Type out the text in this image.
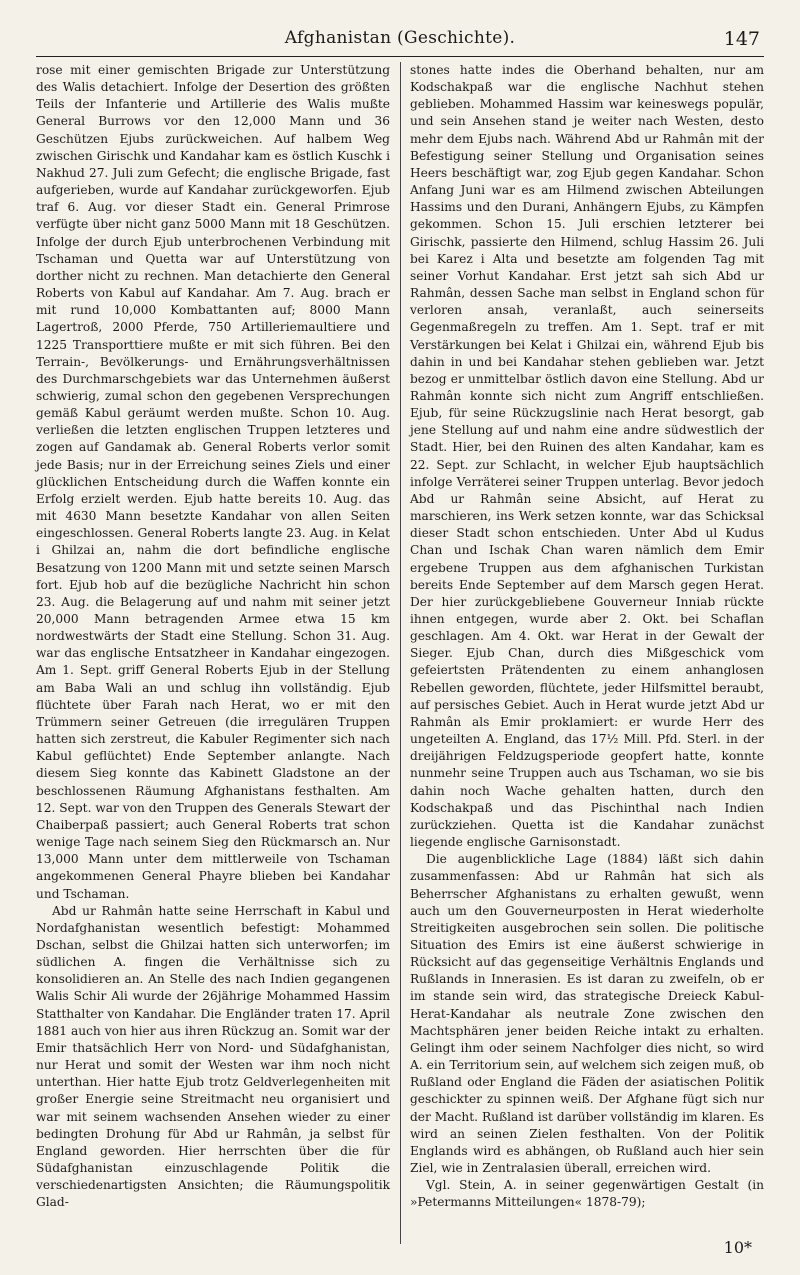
Afghanistan (Geschichte).	147

rose mit einer gemischten Brigade zur Unterstützung des Walis detachiert. Infolge der Desertion des größten Teils der Infanterie und Artillerie des Walis mußte General Burrows vor den 12,000 Mann und 36 Geschützen Ejubs zurückweichen. Auf halbem Weg zwischen Girischk und Kandahar kam es östlich Kuschk i Nakhud 27. Juli zum Gefecht; die englische Brigade, fast aufgerieben, wurde auf Kandahar zurückgeworfen. Ejub traf 6. Aug. vor dieser Stadt ein. General Primrose verfügte über nicht ganz 5000 Mann mit 18 Geschützen. Infolge der durch Ejub unterbrochenen Verbindung mit Tschaman und Quetta war auf Unterstützung von dorther nicht zu rechnen. Man detachierte den General Roberts von Kabul auf Kandahar. Am 7. Aug. brach er mit rund 10,000 Kombattanten auf; 8000 Mann Lagertroß, 2000 Pferde, 750 Artilleriemaultiere und 1225 Transporttiere mußte er mit sich führen. Bei den Terrain-, Bevölkerungs- und Ernährungsverhältnissen des Durchmarschgebiets war das Unternehmen äußerst schwierig, zumal schon den gegebenen Versprechungen gemäß Kabul geräumt werden mußte. Schon 10. Aug. verließen die letzten englischen Truppen letzteres und zogen auf Gandamak ab. General Roberts verlor somit jede Basis; nur in der Erreichung seines Ziels und einer glücklichen Entscheidung durch die Waffen konnte ein Erfolg erzielt werden. Ejub hatte bereits 10. Aug. das mit 4630 Mann besetzte Kandahar von allen Seiten eingeschlossen. General Roberts langte 23. Aug. in Kelat i Ghilzai an, nahm die dort befindliche englische Besatzung von 1200 Mann mit und setzte seinen Marsch fort. Ejub hob auf die bezügliche Nachricht hin schon 23. Aug. die Belagerung auf und nahm mit seiner jetzt 20,000 Mann betragenden Armee etwa 15 km nordwestwärts der Stadt eine Stellung. Schon 31. Aug. war das englische Entsatzheer in Kandahar eingezogen. Am 1. Sept. griff General Roberts Ejub in der Stellung am Baba Wali an und schlug ihn vollständig. Ejub flüchtete über Farah nach Herat, wo er mit den Trümmern seiner Getreuen (die irregulären Truppen hatten sich zerstreut, die Kabuler Regimenter sich nach Kabul geflüchtet) Ende September anlangte. Nach diesem Sieg konnte das Kabinett Gladstone an der beschlossenen Räumung Afghanistans festhalten. Am 12. Sept. war von den Truppen des Generals Stewart der Chaiberpaß passiert; auch General Roberts trat schon wenige Tage nach seinem Sieg den Rückmarsch an. Nur 13,000 Mann unter dem mittlerweile von Tschaman angekommenen General Phayre blieben bei Kandahar und Tschaman.

Abd ur Rahmân hatte seine Herrschaft in Kabul und Nordafghanistan wesentlich befestigt: Mohammed Dschan, selbst die Ghilzai hatten sich unterworfen; im südlichen A. fingen die Verhältnisse sich zu konsolidieren an. An Stelle des nach Indien gegangenen Walis Schir Ali wurde der 26jährige Mohammed Hassim Statthalter von Kandahar. Die Engländer traten 17. April 1881 auch von hier aus ihren Rückzug an. Somit war der Emir thatsächlich Herr von Nord- und Südafghanistan, nur Herat und somit der Westen war ihm noch nicht unterthan. Hier hatte Ejub trotz Geldverlegenheiten mit großer Energie seine Streitmacht neu organisiert und war mit seinem wachsenden Ansehen wieder zu einer bedingten Drohung für Abd ur Rahmân, ja selbst für England geworden. Hier herrschten über die für Südafghanistan einzuschlagende Politik die verschiedenartigsten Ansichten; die Räumungspolitik Glad-

stones hatte indes die Oberhand behalten, nur am Kodschakpaß war die englische Nachhut stehen geblieben. Mohammed Hassim war keineswegs populär, und sein Ansehen stand je weiter nach Westen, desto mehr dem Ejubs nach. Während Abd ur Rahmân mit der Befestigung seiner Stellung und Organisation seines Heers beschäftigt war, zog Ejub gegen Kandahar. Schon Anfang Juni war es am Hilmend zwischen Abteilungen Hassims und den Durani, Anhängern Ejubs, zu Kämpfen gekommen. Schon 15. Juli erschien letzterer bei Girischk, passierte den Hilmend, schlug Hassim 26. Juli bei Karez i Alta und besetzte am folgenden Tag mit seiner Vorhut Kandahar. Erst jetzt sah sich Abd ur Rahmân, dessen Sache man selbst in England schon für verloren ansah, veranlaßt, auch seinerseits Gegenmaßregeln zu treffen. Am 1. Sept. traf er mit Verstärkungen bei Kelat i Ghilzai ein, während Ejub bis dahin in und bei Kandahar stehen geblieben war. Jetzt bezog er unmittelbar östlich davon eine Stellung. Abd ur Rahmân konnte sich nicht zum Angriff entschließen. Ejub, für seine Rückzugslinie nach Herat besorgt, gab jene Stellung auf und nahm eine andre südwestlich der Stadt. Hier, bei den Ruinen des alten Kandahar, kam es 22. Sept. zur Schlacht, in welcher Ejub hauptsächlich infolge Verräterei seiner Truppen unterlag. Bevor jedoch Abd ur Rahmân seine Absicht, auf Herat zu marschieren, ins Werk setzen konnte, war das Schicksal dieser Stadt schon entschieden. Unter Abd ul Kudus Chan und Ischak Chan waren nämlich dem Emir ergebene Truppen aus dem afghanischen Turkistan bereits Ende September auf dem Marsch gegen Herat. Der hier zurückgebliebene Gouverneur Inniab rückte ihnen entgegen, wurde aber 2. Okt. bei Schaflan geschlagen. Am 4. Okt. war Herat in der Gewalt der Sieger. Ejub Chan, durch dies Mißgeschick vom gefeiertsten Prätendenten zu einem anhanglosen Rebellen geworden, flüchtete, jeder Hilfsmittel beraubt, auf persisches Gebiet. Auch in Herat wurde jetzt Abd ur Rahmân als Emir proklamiert: er wurde Herr des ungeteilten A. England, das 17½ Mill. Pfd. Sterl. in der dreijährigen Feldzugsperiode geopfert hatte, konnte nunmehr seine Truppen auch aus Tschaman, wo sie bis dahin noch Wache gehalten hatten, durch den Kodschakpaß und das Pischinthal nach Indien zurückziehen. Quetta ist die Kandahar zunächst liegende englische Garnisonstadt.

Die augenblickliche Lage (1884) läßt sich dahin zusammenfassen: Abd ur Rahmân hat sich als Beherrscher Afghanistans zu erhalten gewußt, wenn auch um den Gouverneurposten in Herat wiederholte Streitigkeiten ausgebrochen sein sollen. Die politische Situation des Emirs ist eine äußerst schwierige in Rücksicht auf das gegenseitige Verhältnis Englands und Rußlands in Innerasien. Es ist daran zu zweifeln, ob er im stande sein wird, das strategische Dreieck Kabul-Herat-Kandahar als neutrale Zone zwischen den Machtsphären jener beiden Reiche intakt zu erhalten. Gelingt ihm oder seinem Nachfolger dies nicht, so wird A. ein Territorium sein, auf welchem sich zeigen muß, ob Rußland oder England die Fäden der asiatischen Politik geschickter zu spinnen weiß. Der Afghane fügt sich nur der Macht. Rußland ist darüber vollständig im klaren. Es wird an seinen Zielen festhalten. Von der Politik Englands wird es abhängen, ob Rußland auch hier sein Ziel, wie in Zentralasien überall, erreichen wird.

Vgl. Stein, A. in seiner gegenwärtigen Gestalt (in »Petermanns Mitteilungen« 1878-79);

10*
